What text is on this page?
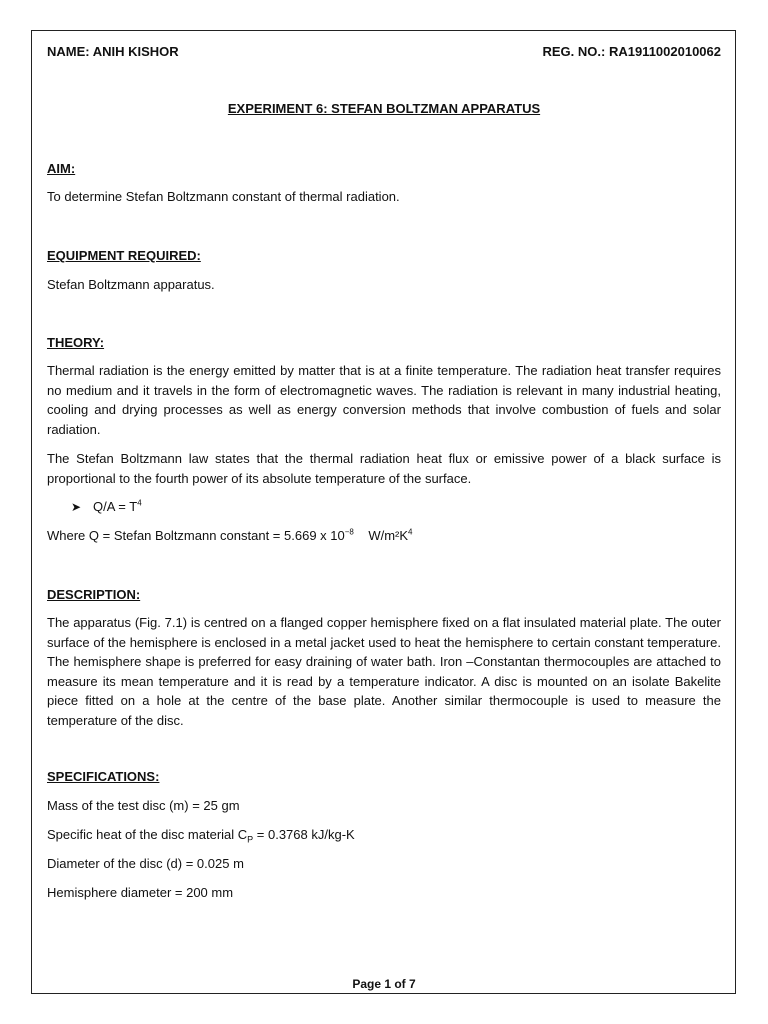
NAME: ANIH KISHOR	REG. NO.: RA1911002010062
EXPERIMENT 6: STEFAN BOLTZMAN APPARATUS

AIM:

To determine Stefan Boltzmann constant of thermal radiation.

EQUIPMENT REQUIRED:

Stefan Boltzmann apparatus.

THEORY:

Thermal radiation is the energy emitted by matter that is at a finite temperature. The radiation heat transfer requires no medium and it travels in the form of electromagnetic waves. The radiation is relevant in many industrial heating, cooling and drying processes as well as energy conversion methods that involve combustion of fuels and solar radiation.

The Stefan Boltzmann law states that the thermal radiation heat flux or emissive power of a black surface is proportional to the fourth power of its absolute temperature of the surface.

➤ $Q/A = T^4$

Where Q = Stefan Boltzmann constant = 5.669 x $10^{-8}$ $W/m^2K^4$

DESCRIPTION:

The apparatus (Fig. 7.1) is centred on a flanged copper hemisphere fixed on a flat insulated material plate. The outer surface of the hemisphere is enclosed in a metal jacket used to heat the hemisphere to certain constant temperature. The hemisphere shape is preferred for easy draining of water bath. Iron –Constantan thermocouples are attached to measure its mean temperature and it is read by a temperature indicator. A disc is mounted on an isolate Bakelite piece fitted on a hole at the centre of the base plate. Another similar thermocouple is used to measure the temperature of the disc.

SPECIFICATIONS:

Mass of the test disc (m) = 25 gm

Specific heat of the disc material $C_P = 0.3768$ kJ/kg-K

Diameter of the disc (d) = 0.025 m

Hemisphere diameter = 200 mm

Page 1 of 7
